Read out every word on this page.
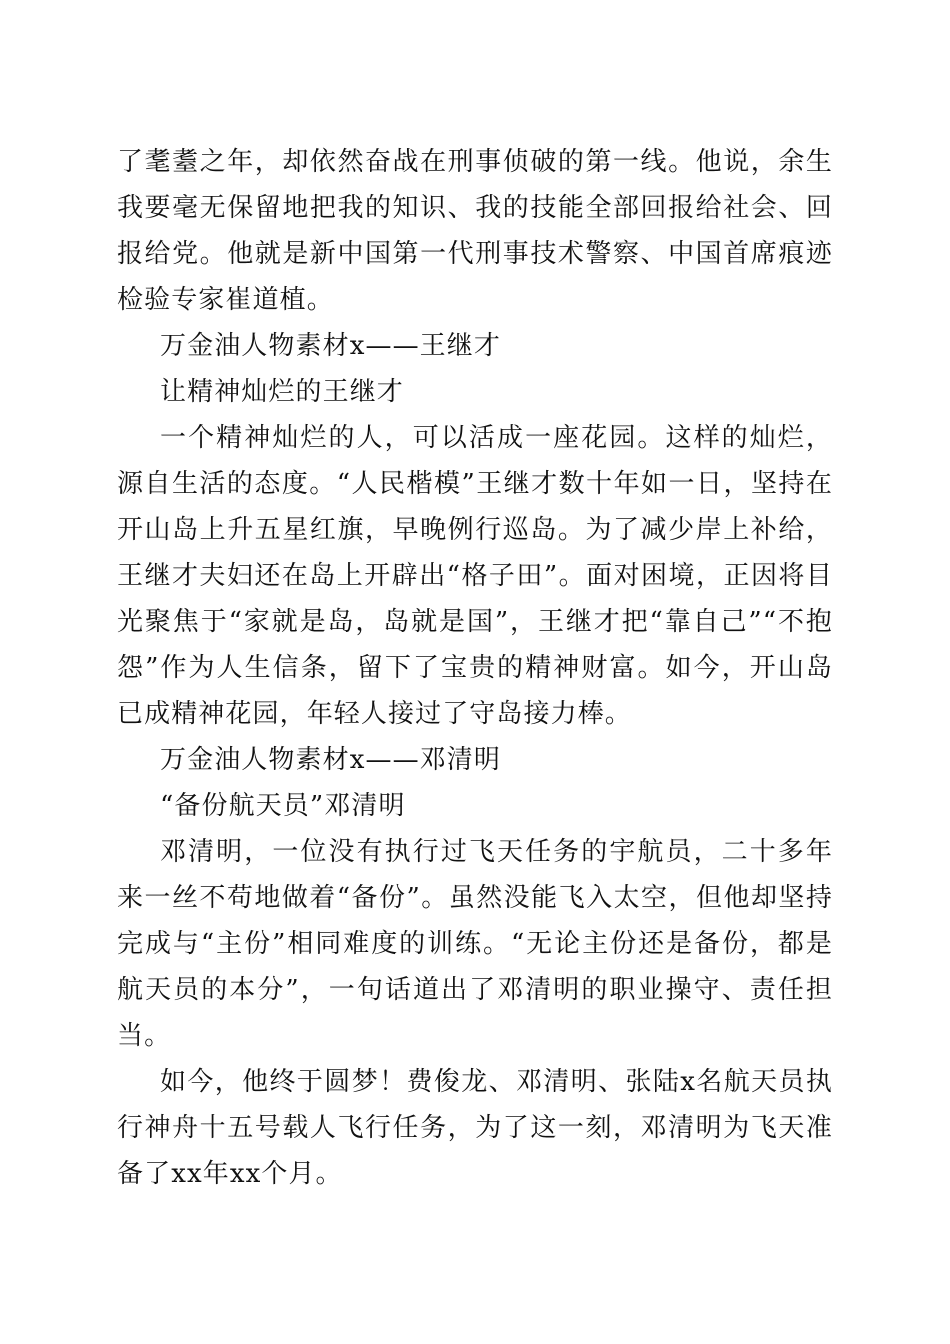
了耄耋之年，却依然奋战在刑事侦破的第一线。他说，余生我要毫无保留地把我的知识、我的技能全部回报给社会、回报给党。他就是新中国第一代刑事技术警察、中国首席痕迹检验专家崔道植。

万金油人物素材x——王继才

让精神灿烂的王继才

一个精神灿烂的人，可以活成一座花园。这样的灿烂，源自生活的态度。“人民楷模”王继才数十年如一日，坚持在开山岛上升五星红旗，早晚例行巡岛。为了减少岸上补给，王继才夫妇还在岛上开辟出“格子田”。面对困境，正因将目光聚焦于“家就是岛，岛就是国”，王继才把“靠自己”“不抱怨”作为人生信条，留下了宝贵的精神财富。如今，开山岛已成精神花园，年轻人接过了守岛接力棒。

万金油人物素材x——邓清明

“备份航天员”邓清明

邓清明，一位没有执行过飞天任务的宇航员，二十多年来一丝不苟地做着“备份”。虽然没能飞入太空，但他却坚持完成与“主份”相同难度的训练。“无论主份还是备份，都是航天员的本分”，一句话道出了邓清明的职业操守、责任担当。

如今，他终于圆梦！费俊龙、邓清明、张陆x名航天员执行神舟十五号载人飞行任务，为了这一刻，邓清明为飞天准备了xx年xx个月。
